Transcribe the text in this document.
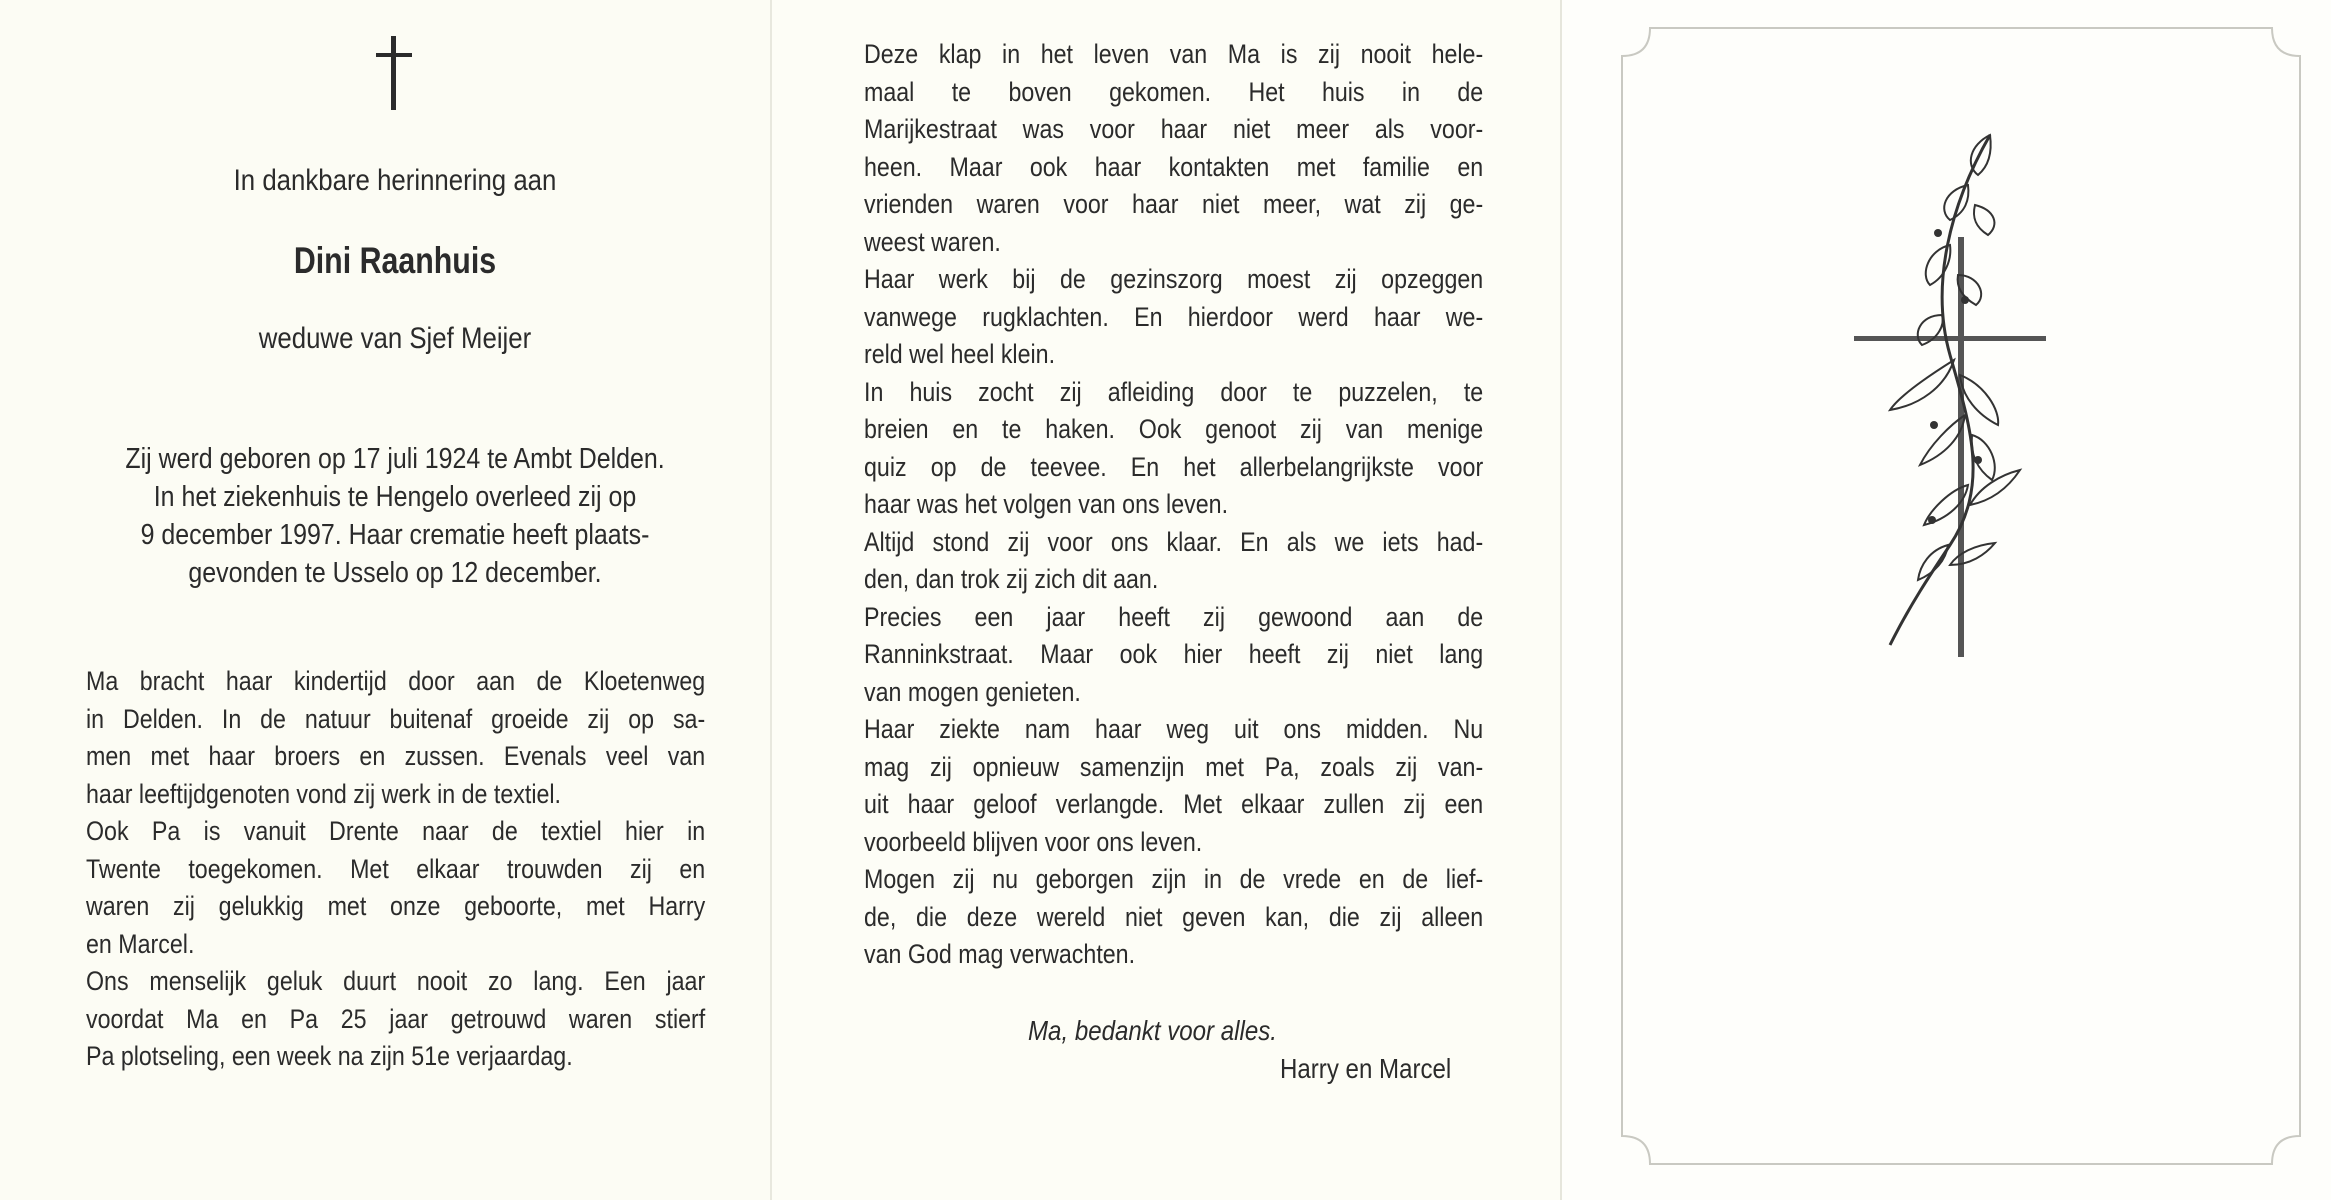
In dankbare herinnering aan
Dini Raanhuis
weduwe van Sjef Meijer
Zij werd geboren op 17 juli 1924 te Ambt Delden.
In het ziekenhuis te Hengelo overleed zij op
9 december 1997. Haar crematie heeft plaats-
gevonden te Usselo op 12 december.
Ma bracht haar kindertijd door aan de Kloetenweg
in Delden. In de natuur buitenaf groeide zij op sa-
men met haar broers en zussen. Evenals veel van
haar leeftijdgenoten vond zij werk in de textiel.
Ook Pa is vanuit Drente naar de textiel hier in
Twente toegekomen. Met elkaar trouwden zij en
waren zij gelukkig met onze geboorte, met Harry
en Marcel.
Ons menselijk geluk duurt nooit zo lang. Een jaar
voordat Ma en Pa 25 jaar getrouwd waren stierf
Pa plotseling, een week na zijn 51e verjaardag.
Deze klap in het leven van Ma is zij nooit hele-
maal te boven gekomen. Het huis in de
Marijkestraat was voor haar niet meer als voor-
heen. Maar ook haar kontakten met familie en
vrienden waren voor haar niet meer, wat zij ge-
weest waren.
Haar werk bij de gezinszorg moest zij opzeggen
vanwege rugklachten. En hierdoor werd haar we-
reld wel heel klein.
In huis zocht zij afleiding door te puzzelen, te
breien en te haken. Ook genoot zij van menige
quiz op de teevee. En het allerbelangrijkste voor
haar was het volgen van ons leven.
Altijd stond zij voor ons klaar. En als we iets had-
den, dan trok zij zich dit aan.
Precies een jaar heeft zij gewoond aan de
Ranninkstraat. Maar ook hier heeft zij niet lang
van mogen genieten.
Haar ziekte nam haar weg uit ons midden. Nu
mag zij opnieuw samenzijn met Pa, zoals zij van-
uit haar geloof verlangde. Met elkaar zullen zij een
voorbeeld blijven voor ons leven.
Mogen zij nu geborgen zijn in de vrede en de lief-
de, die deze wereld niet geven kan, die zij alleen
van God mag verwachten.
Ma, bedankt voor alles.
Harry en Marcel
